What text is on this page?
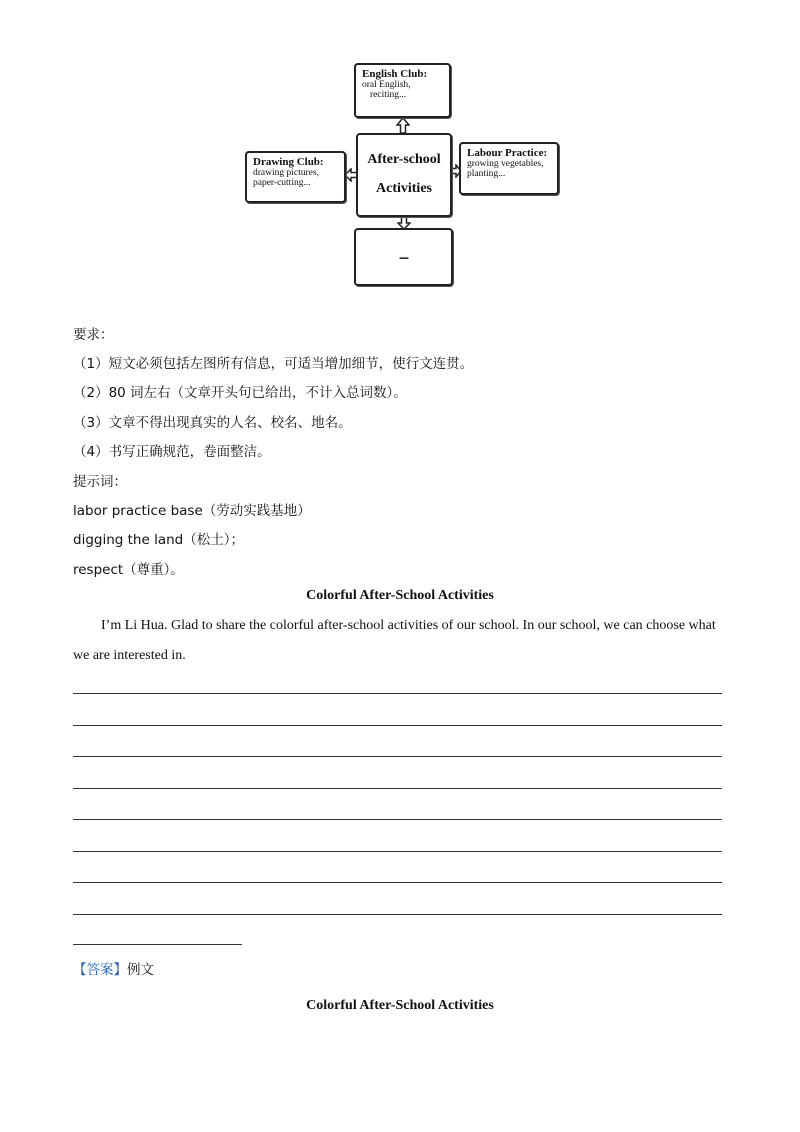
English Club:
oral English,
reciting...
Drawing Club:
drawing pictures,
paper-cutting...
After-school
Activities
Labour Practice:
growing vegetables,
planting...
......
要求：
（1）短文必须包括左图所有信息，可适当增加细节，使行文连贯。
（2）80 词左右（文章开头句已给出，不计入总词数）。
（3）文章不得出现真实的人名、校名、地名。
（4）书写正确规范，卷面整洁。
提示词：
labor practice base（劳动实践基地）
digging the land（松土）；
respect（尊重）。
Colorful After-School Activities
I’m Li Hua. Glad to share the colorful after-school activities of our school. In our school, we can choose what we are interested in.
【答案】例文
Colorful After-School Activities
